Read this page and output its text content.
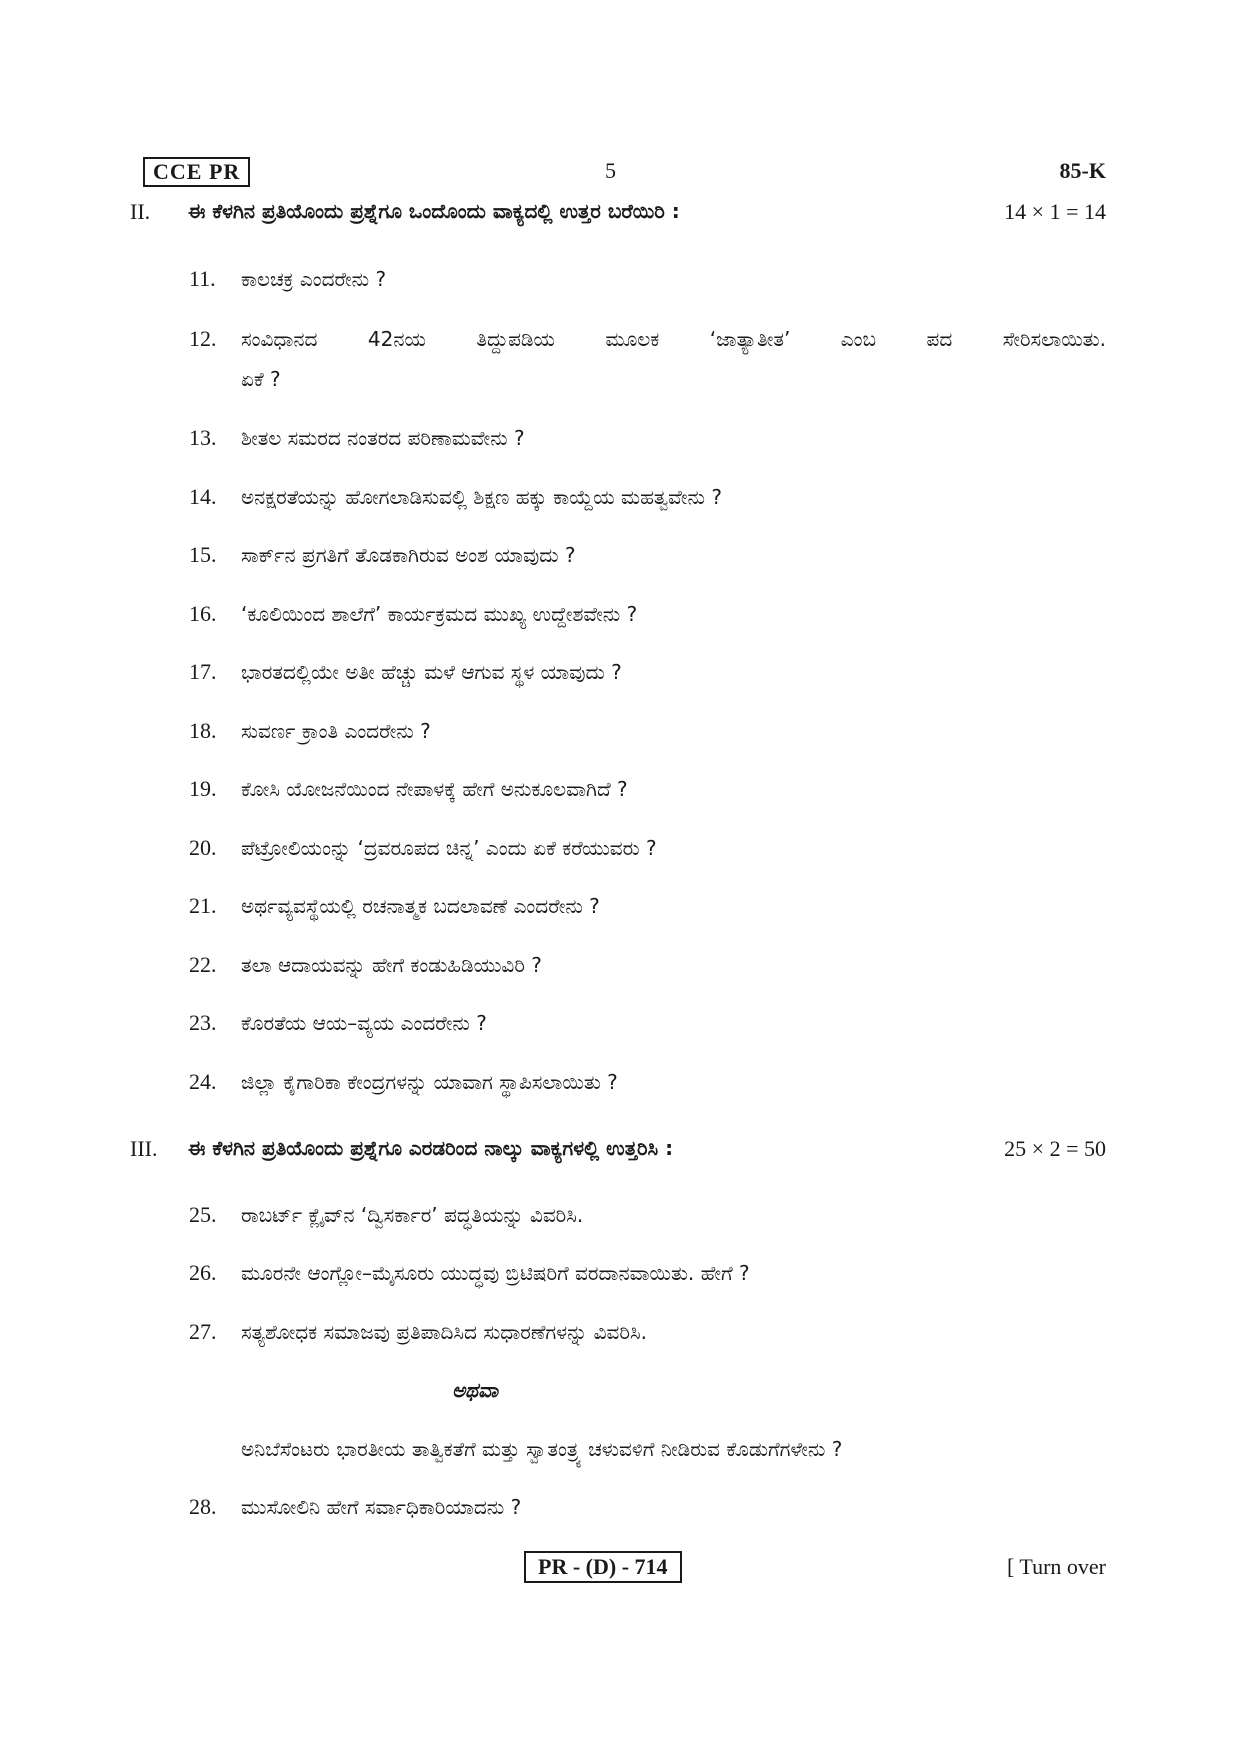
CCE PR	5	85-K
II. ಈ ಕೆಳಗಿನ ಪ್ರತಿಯೊಂದು ಪ್ರಶ್ನೆಗೂ ಒಂದೊಂದು ವಾಕ್ಯದಲ್ಲಿ ಉತ್ತರ ಬರೆಯಿರಿ :	14 × 1 = 14
11. ಕಾಲಚಕ್ರ ಎಂದರೇನು ?
12. ಸಂವಿಧಾನದ 42ನಯ ತಿದ್ದುಪಡಿಯ ಮೂಲಕ ‘ಜಾತ್ಯಾತೀತ’ ಎಂಬ ಪದ ಸೇರಿಸಲಾಯಿತು.
ಏಕೆ ?
13. ಶೀತಲ ಸಮರದ ನಂತರದ ಪರಿಣಾಮವೇನು ?
14. ಅನಕ್ಷರತೆಯನ್ನು ಹೋಗಲಾಡಿಸುವಲ್ಲಿ ಶಿಕ್ಷಣ ಹಕ್ಕು ಕಾಯ್ದೆಯ ಮಹತ್ವವೇನು ?
15. ಸಾರ್ಕ್‌ನ ಪ್ರಗತಿಗೆ ತೊಡಕಾಗಿರುವ ಅಂಶ ಯಾವುದು ?
16. ‘ಕೂಲಿಯಿಂದ ಶಾಲೆಗೆ’ ಕಾರ್ಯಕ್ರಮದ ಮುಖ್ಯ ಉದ್ದೇಶವೇನು ?
17. ಭಾರತದಲ್ಲಿಯೇ ಅತೀ ಹೆಚ್ಚು ಮಳೆ ಆಗುವ ಸ್ಥಳ ಯಾವುದು ?
18. ಸುವರ್ಣ ಕ್ರಾಂತಿ ಎಂದರೇನು ?
19. ಕೋಸಿ ಯೋಜನೆಯಿಂದ ನೇಪಾಳಕ್ಕೆ ಹೇಗೆ ಅನುಕೂಲವಾಗಿದೆ ?
20. ಪೆಟ್ರೋಲಿಯಂನ್ನು ‘ದ್ರವರೂಪದ ಚಿನ್ನ’ ಎಂದು ಏಕೆ ಕರೆಯುವರು ?
21. ಅರ್ಥವ್ಯವಸ್ಥೆಯಲ್ಲಿ ರಚನಾತ್ಮಕ ಬದಲಾವಣೆ ಎಂದರೇನು ?
22. ತಲಾ ಆದಾಯವನ್ನು ಹೇಗೆ ಕಂಡುಹಿಡಿಯುವಿರಿ ?
23. ಕೊರತೆಯ ಆಯ–ವ್ಯಯ ಎಂದರೇನು ?
24. ಜಿಲ್ಲಾ ಕೈಗಾರಿಕಾ ಕೇಂದ್ರಗಳನ್ನು ಯಾವಾಗ ಸ್ಥಾಪಿಸಲಾಯಿತು ?
III. ಈ ಕೆಳಗಿನ ಪ್ರತಿಯೊಂದು ಪ್ರಶ್ನೆಗೂ ಎರಡರಿಂದ ನಾಲ್ಕು ವಾಕ್ಯಗಳಲ್ಲಿ ಉತ್ತರಿಸಿ :	25 × 2 = 50
25. ರಾಬರ್ಟ್ ಕ್ಲೈವ್‌ನ ‘ದ್ವಿಸರ್ಕಾರ’ ಪದ್ಧತಿಯನ್ನು ವಿವರಿಸಿ.
26. ಮೂರನೇ ಆಂಗ್ಲೋ–ಮೈಸೂರು ಯುದ್ಧವು ಬ್ರಿಟಿಷರಿಗೆ ವರದಾನವಾಯಿತು. ಹೇಗೆ ?
27. ಸತ್ಯಶೋಧಕ ಸಮಾಜವು ಪ್ರತಿಪಾದಿಸಿದ ಸುಧಾರಣೆಗಳನ್ನು ವಿವರಿಸಿ.
ಅಥವಾ
ಅನಿಬೆಸೆಂಟರು ಭಾರತೀಯ ತಾತ್ವಿಕತೆಗೆ ಮತ್ತು ಸ್ವಾತಂತ್ರ್ಯ ಚಳುವಳಿಗೆ ನೀಡಿರುವ ಕೊಡುಗೆಗಳೇನು ?
28. ಮುಸೋಲಿನಿ ಹೇಗೆ ಸರ್ವಾಧಿಕಾರಿಯಾದನು ?
PR - (D) - 714	[ Turn over
